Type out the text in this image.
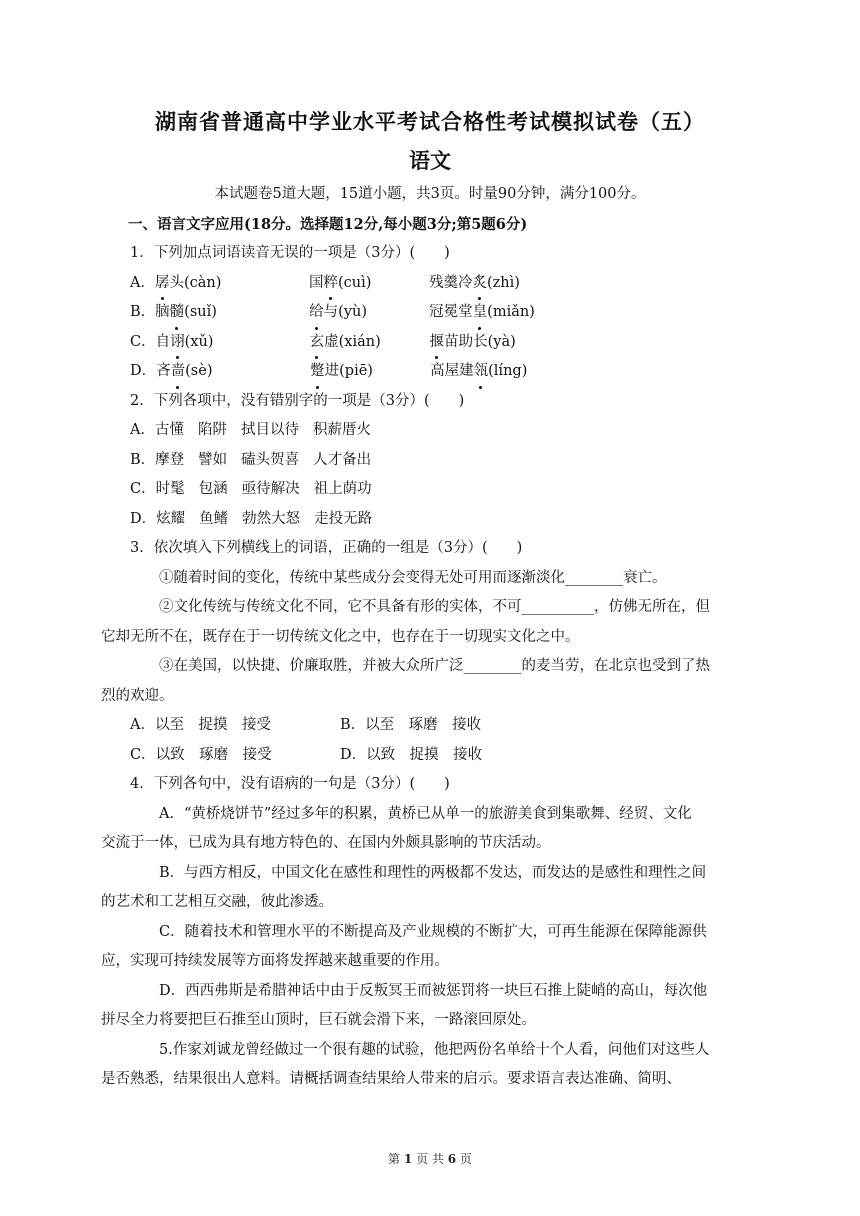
湖南省普通高中学业水平考试合格性考试模拟试卷（五）
语文
本试题卷5道大题，15道小题，共3页。时量90分钟，满分100分。
一、语言文字应用(18分。选择题12分,每小题3分;第5题6分)
1．下列加点词语读音无误的一项是（3分）(　　)
A．孱头(càn)	国粹(cuì)	残羹冷炙(zhì)
B．脑髓(suǐ)	给与(yù)	冠冕堂皇(miǎn)
C．自诩(xǔ)	玄虚(xián)	揠苗助长(yà)
D．吝啬(sè)	蹩进(piē)	高屋建瓴(líng)
2．下列各项中，没有错别字的一项是（3分）(　　)
A．古懂 陷阱 拭目以待 积薪厝火
B．摩登 譬如 磕头贺喜 人才备出
C．时髦 包涵 亟待解决 祖上荫功
D．炫耀 鱼鳍 勃然大怒 走投无路
3．依次填入下列横线上的词语，正确的一组是（3分）(　　)
①随着时间的变化，传统中某些成分会变得无处可用而逐渐淡化________衰亡。
②文化传统与传统文化不同，它不具备有形的实体，不可__________，仿佛无所在，但
它却无所不在，既存在于一切传统文化之中，也存在于一切现实文化之中。
③在美国，以快捷、价廉取胜，并被大众所广泛________的麦当劳，在北京也受到了热
烈的欢迎。
A．以至　捉摸　接受	B．以至　琢磨　接收
C．以致　琢磨　接受	D．以致　捉摸　接收
4．下列各句中，没有语病的一句是（3分）(　　)
A．“黄桥烧饼节”经过多年的积累，黄桥已从单一的旅游美食到集歌舞、经贸、文化
交流于一体，已成为具有地方特色的、在国内外颇具影响的节庆活动。
B．与西方相反，中国文化在感性和理性的两极都不发达，而发达的是感性和理性之间
的艺术和工艺相互交融，彼此渗透。
C．随着技术和管理水平的不断提高及产业规模的不断扩大，可再生能源在保障能源供
应，实现可持续发展等方面将发挥越来越重要的作用。
D．西西弗斯是希腊神话中由于反叛冥王而被惩罚将一块巨石推上陡峭的高山，每次他
拼尽全力将要把巨石推至山顶时，巨石就会滑下来，一路滚回原处。
5.作家刘诚龙曾经做过一个很有趣的试验，他把两份名单给十个人看，问他们对这些人
是否熟悉，结果很出人意料。请概括调查结果给人带来的启示。要求语言表达准确、简明、
第 1 页 共 6 页
